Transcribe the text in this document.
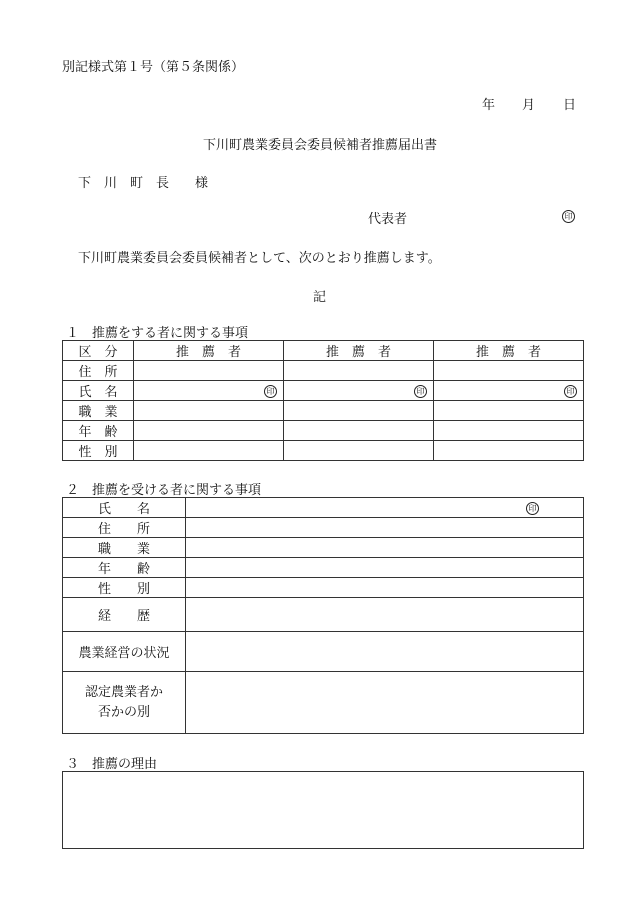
別記様式第１号（第５条関係）
年 月 日
下川町農業委員会委員候補者推薦届出書
下　川　町　長　　様
代表者	印
下川町農業委員会委員候補者として、次のとおり推薦します。
記
１　推薦をする者に関する事項
区　分	推　薦　者	推　薦　者	推　薦　者
住　所			
氏　名	印	印	印
職　業			
年　齢			
性　別			
２　推薦を受ける者に関する事項
氏　　名	印
住　　所	
職　　業	
年　　齢	
性　　別	
経　　歴	
農業経営の状況	

認定農業者か
否かの別	

３　推薦の理由
